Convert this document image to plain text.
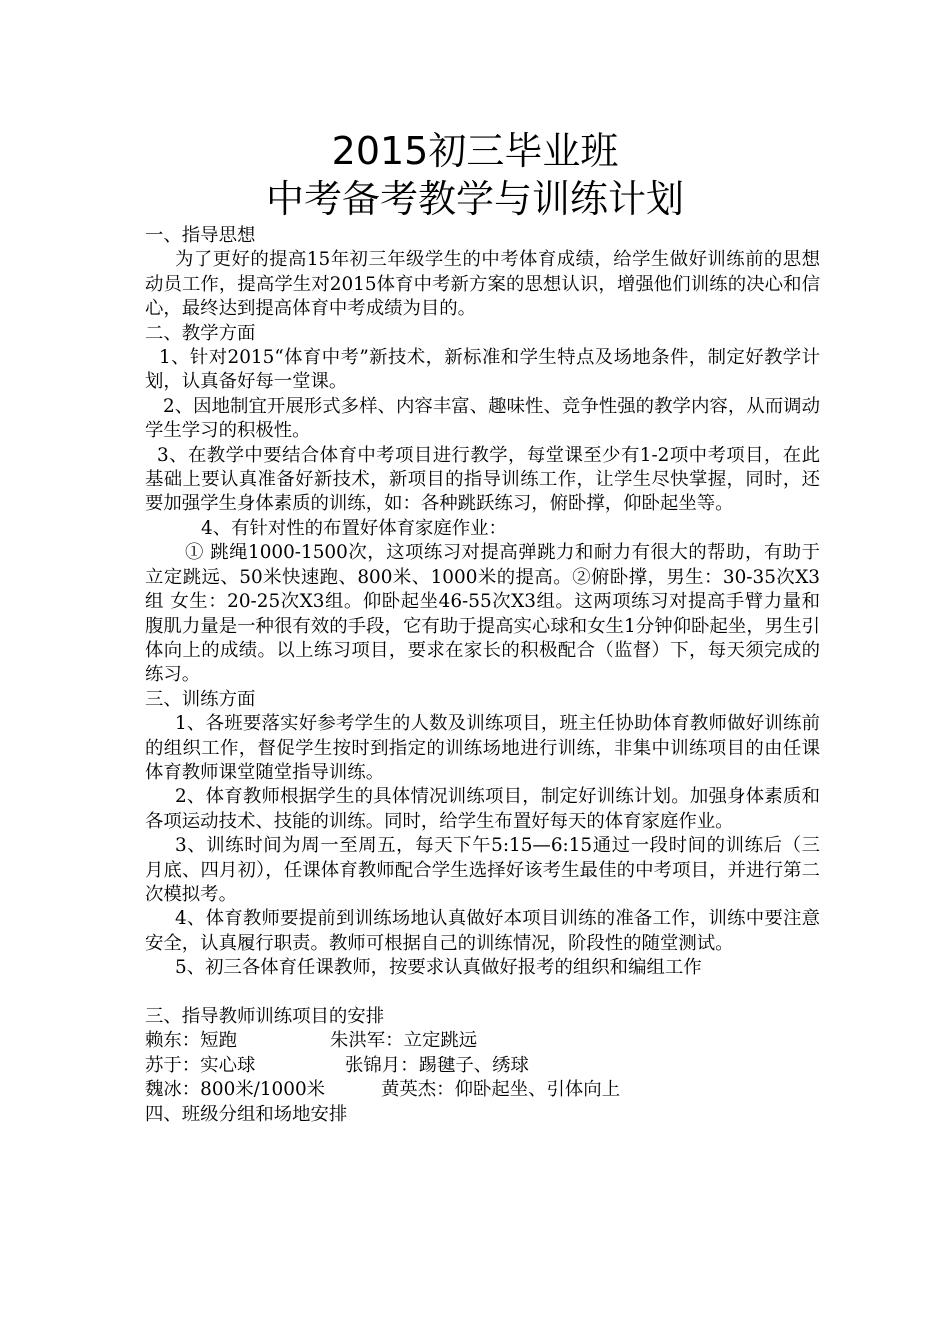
2015初三毕业班
中考备考教学与训练计划

一、指导思想

为了更好的提高15年初三年级学生的中考体育成绩，给学生做好训练前的思想动员工作，提高学生对2015体育中考新方案的思想认识，增强他们训练的决心和信心，最终达到提高体育中考成绩为目的。

二、教学方面

1、针对2015“体育中考”新技术，新标准和学生特点及场地条件，制定好教学计划，认真备好每一堂课。

2、因地制宜开展形式多样、内容丰富、趣味性、竞争性强的教学内容，从而调动学生学习的积极性。

3、在教学中要结合体育中考项目进行教学，每堂课至少有1-2项中考项目，在此基础上要认真准备好新技术，新项目的指导训练工作，让学生尽快掌握，同时，还要加强学生身体素质的训练，如：各种跳跃练习，俯卧撑，仰卧起坐等。

4、有针对性的布置好体育家庭作业：

① 跳绳1000-1500次，这项练习对提高弹跳力和耐力有很大的帮助，有助于立定跳远、50米快速跑、800米、1000米的提高。②俯卧撑，男生：30-35次X3组 女生：20-25次X3组。仰卧起坐46-55次X3组。这两项练习对提高手臂力量和腹肌力量是一种很有效的手段，它有助于提高实心球和女生1分钟仰卧起坐，男生引体向上的成绩。以上练习项目，要求在家长的积极配合（监督）下，每天须完成的练习。

三、训练方面

1、各班要落实好参考学生的人数及训练项目，班主任协助体育教师做好训练前的组织工作，督促学生按时到指定的训练场地进行训练，非集中训练项目的由任课体育教师课堂随堂指导训练。

2、体育教师根据学生的具体情况训练项目，制定好训练计划。加强身体素质和各项运动技术、技能的训练。同时，给学生布置好每天的体育家庭作业。

3、训练时间为周一至周五，每天下午5:15—6:15通过一段时间的训练后（三月底、四月初），任课体育教师配合学生选择好该考生最佳的中考项目，并进行第二次模拟考。

4、体育教师要提前到训练场地认真做好本项目训练的准备工作，训练中要注意安全，认真履行职责。教师可根据自己的训练情况，阶段性的随堂测试。

5、初三各体育任课教师，按要求认真做好报考的组织和编组工作

三、指导教师训练项目的安排

赖东：短跑	朱洪军：立定跳远

苏于：实心球	张锦月：踢毽子、绣球

魏冰：800米/1000米	黄英杰：仰卧起坐、引体向上

四、班级分组和场地安排
